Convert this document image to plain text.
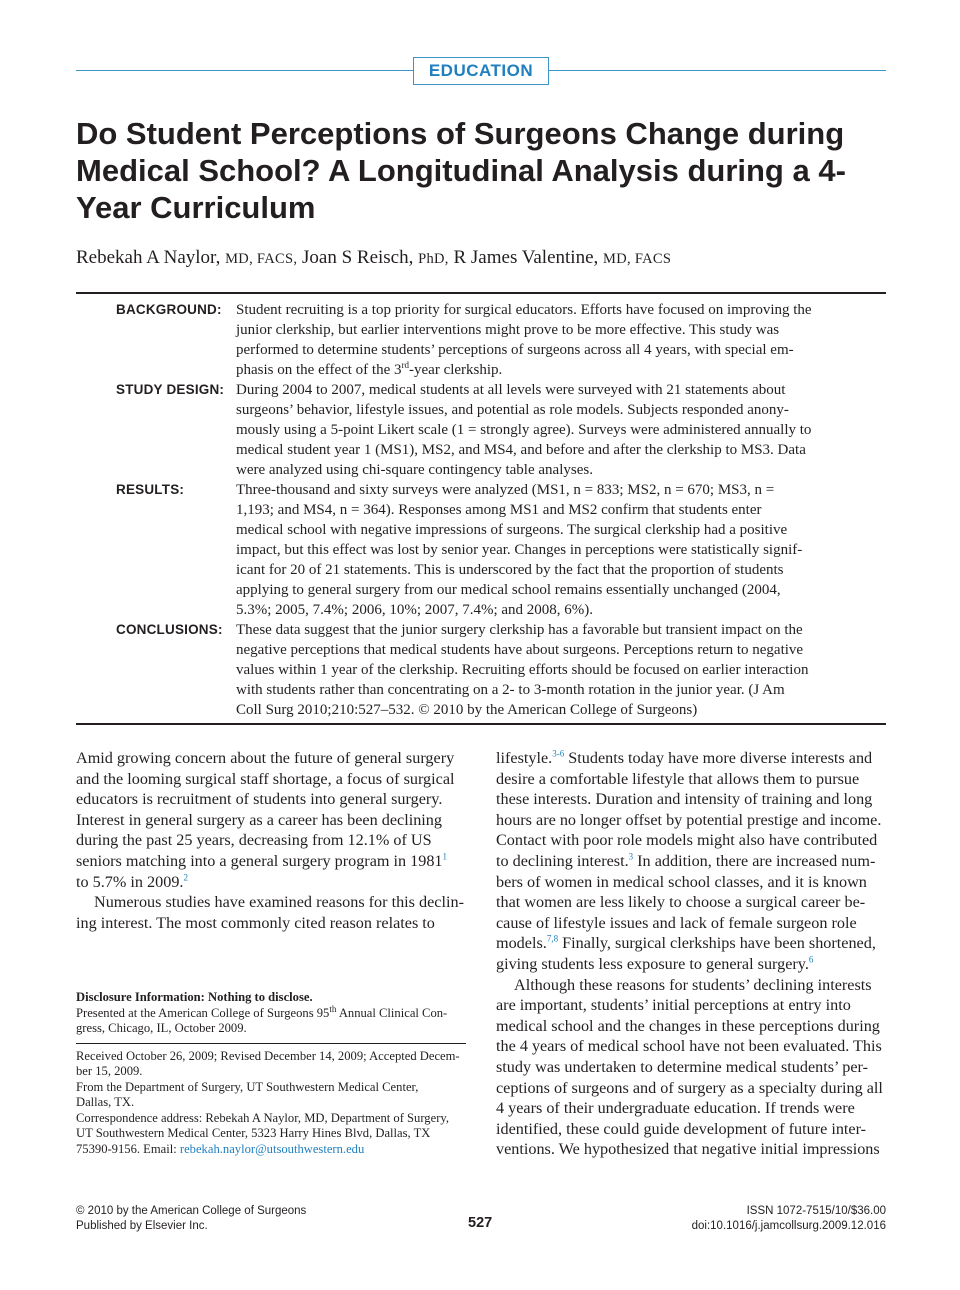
EDUCATION
Do Student Perceptions of Surgeons Change during Medical School? A Longitudinal Analysis during a 4-Year Curriculum
Rebekah A Naylor, MD, FACS, Joan S Reisch, PhD, R James Valentine, MD, FACS
BACKGROUND: Student recruiting is a top priority for surgical educators. Efforts have focused on improving the
junior clerkship, but earlier interventions might prove to be more effective. This study was
performed to determine students’ perceptions of surgeons across all 4 years, with special em-
phasis on the effect of the 3rd-year clerkship.

STUDY DESIGN: During 2004 to 2007, medical students at all levels were surveyed with 21 statements about
surgeons’ behavior, lifestyle issues, and potential as role models. Subjects responded anony-
mously using a 5-point Likert scale (1 = strongly agree). Surveys were administered annually to
medical student year 1 (MS1), MS2, and MS4, and before and after the clerkship to MS3. Data
were analyzed using chi-square contingency table analyses.

RESULTS:	Three-thousand and sixty surveys were analyzed (MS1, n = 833; MS2, n = 670; MS3, n =
1,193; and MS4, n = 364). Responses among MS1 and MS2 confirm that students enter
medical school with negative impressions of surgeons. The surgical clerkship had a positive
impact, but this effect was lost by senior year. Changes in perceptions were statistically signif-
icant for 20 of 21 statements. This is underscored by the fact that the proportion of students
applying to general surgery from our medical school remains essentially unchanged (2004,
5.3%; 2005, 7.4%; 2006, 10%; 2007, 7.4%; and 2008, 6%).

CONCLUSIONS: These data suggest that the junior surgery clerkship has a favorable but transient impact on the
negative perceptions that medical students have about surgeons. Perceptions return to negative
values within 1 year of the clerkship. Recruiting efforts should be focused on earlier interaction
with students rather than concentrating on a 2- to 3-month rotation in the junior year. (J Am
Coll Surg 2010;210:527–532. © 2010 by the American College of Surgeons)

Amid growing concern about the future of general surgery
and the looming surgical staff shortage, a focus of surgical
educators is recruitment of students into general surgery.
Interest in general surgery as a career has been declining
during the past 25 years, decreasing from 12.1% of US
seniors matching into a general surgery program in 1981$^1$
to 5.7% in 2009.$^2$
Numerous studies have examined reasons for this declin-
ing interest. The most commonly cited reason relates to
lifestyle.$^{3-6}$ Students today have more diverse interests and
desire a comfortable lifestyle that allows them to pursue
these interests. Duration and intensity of training and long
hours are no longer offset by potential prestige and income.
Contact with poor role models might also have contributed
to declining interest.$^3$ In addition, there are increased num-
bers of women in medical school classes, and it is known
that women are less likely to choose a surgical career be-
cause of lifestyle issues and lack of female surgeon role
models.$^{7,8}$ Finally, surgical clerkships have been shortened,
giving students less exposure to general surgery.$^6$
Although these reasons for students’ declining interests
are important, students’ initial perceptions at entry into
medical school and the changes in these perceptions during
the 4 years of medical school have not been evaluated. This
study was undertaken to determine medical students’ per-
ceptions of surgeons and of surgery as a specialty during all
4 years of their undergraduate education. If trends were
identified, these could guide development of future inter-
ventions. We hypothesized that negative initial impressions
Disclosure Information: Nothing to disclose.
Presented at the American College of Surgeons 95th Annual Clinical Con-
gress, Chicago, IL, October 2009.
Received October 26, 2009; Revised December 14, 2009; Accepted Decem-
ber 15, 2009.
From the Department of Surgery, UT Southwestern Medical Center,
Dallas, TX.
Correspondence address: Rebekah A Naylor, MD, Department of Surgery,
UT Southwestern Medical Center, 5323 Harry Hines Blvd, Dallas, TX
75390-9156. Email: rebekah.naylor@utsouthwestern.edu
© 2010 by the American College of Surgeons
Published by Elsevier Inc.	527
ISSN 1072-7515/10/$36.00
doi:10.1016/j.jamcollsurg.2009.12.016
